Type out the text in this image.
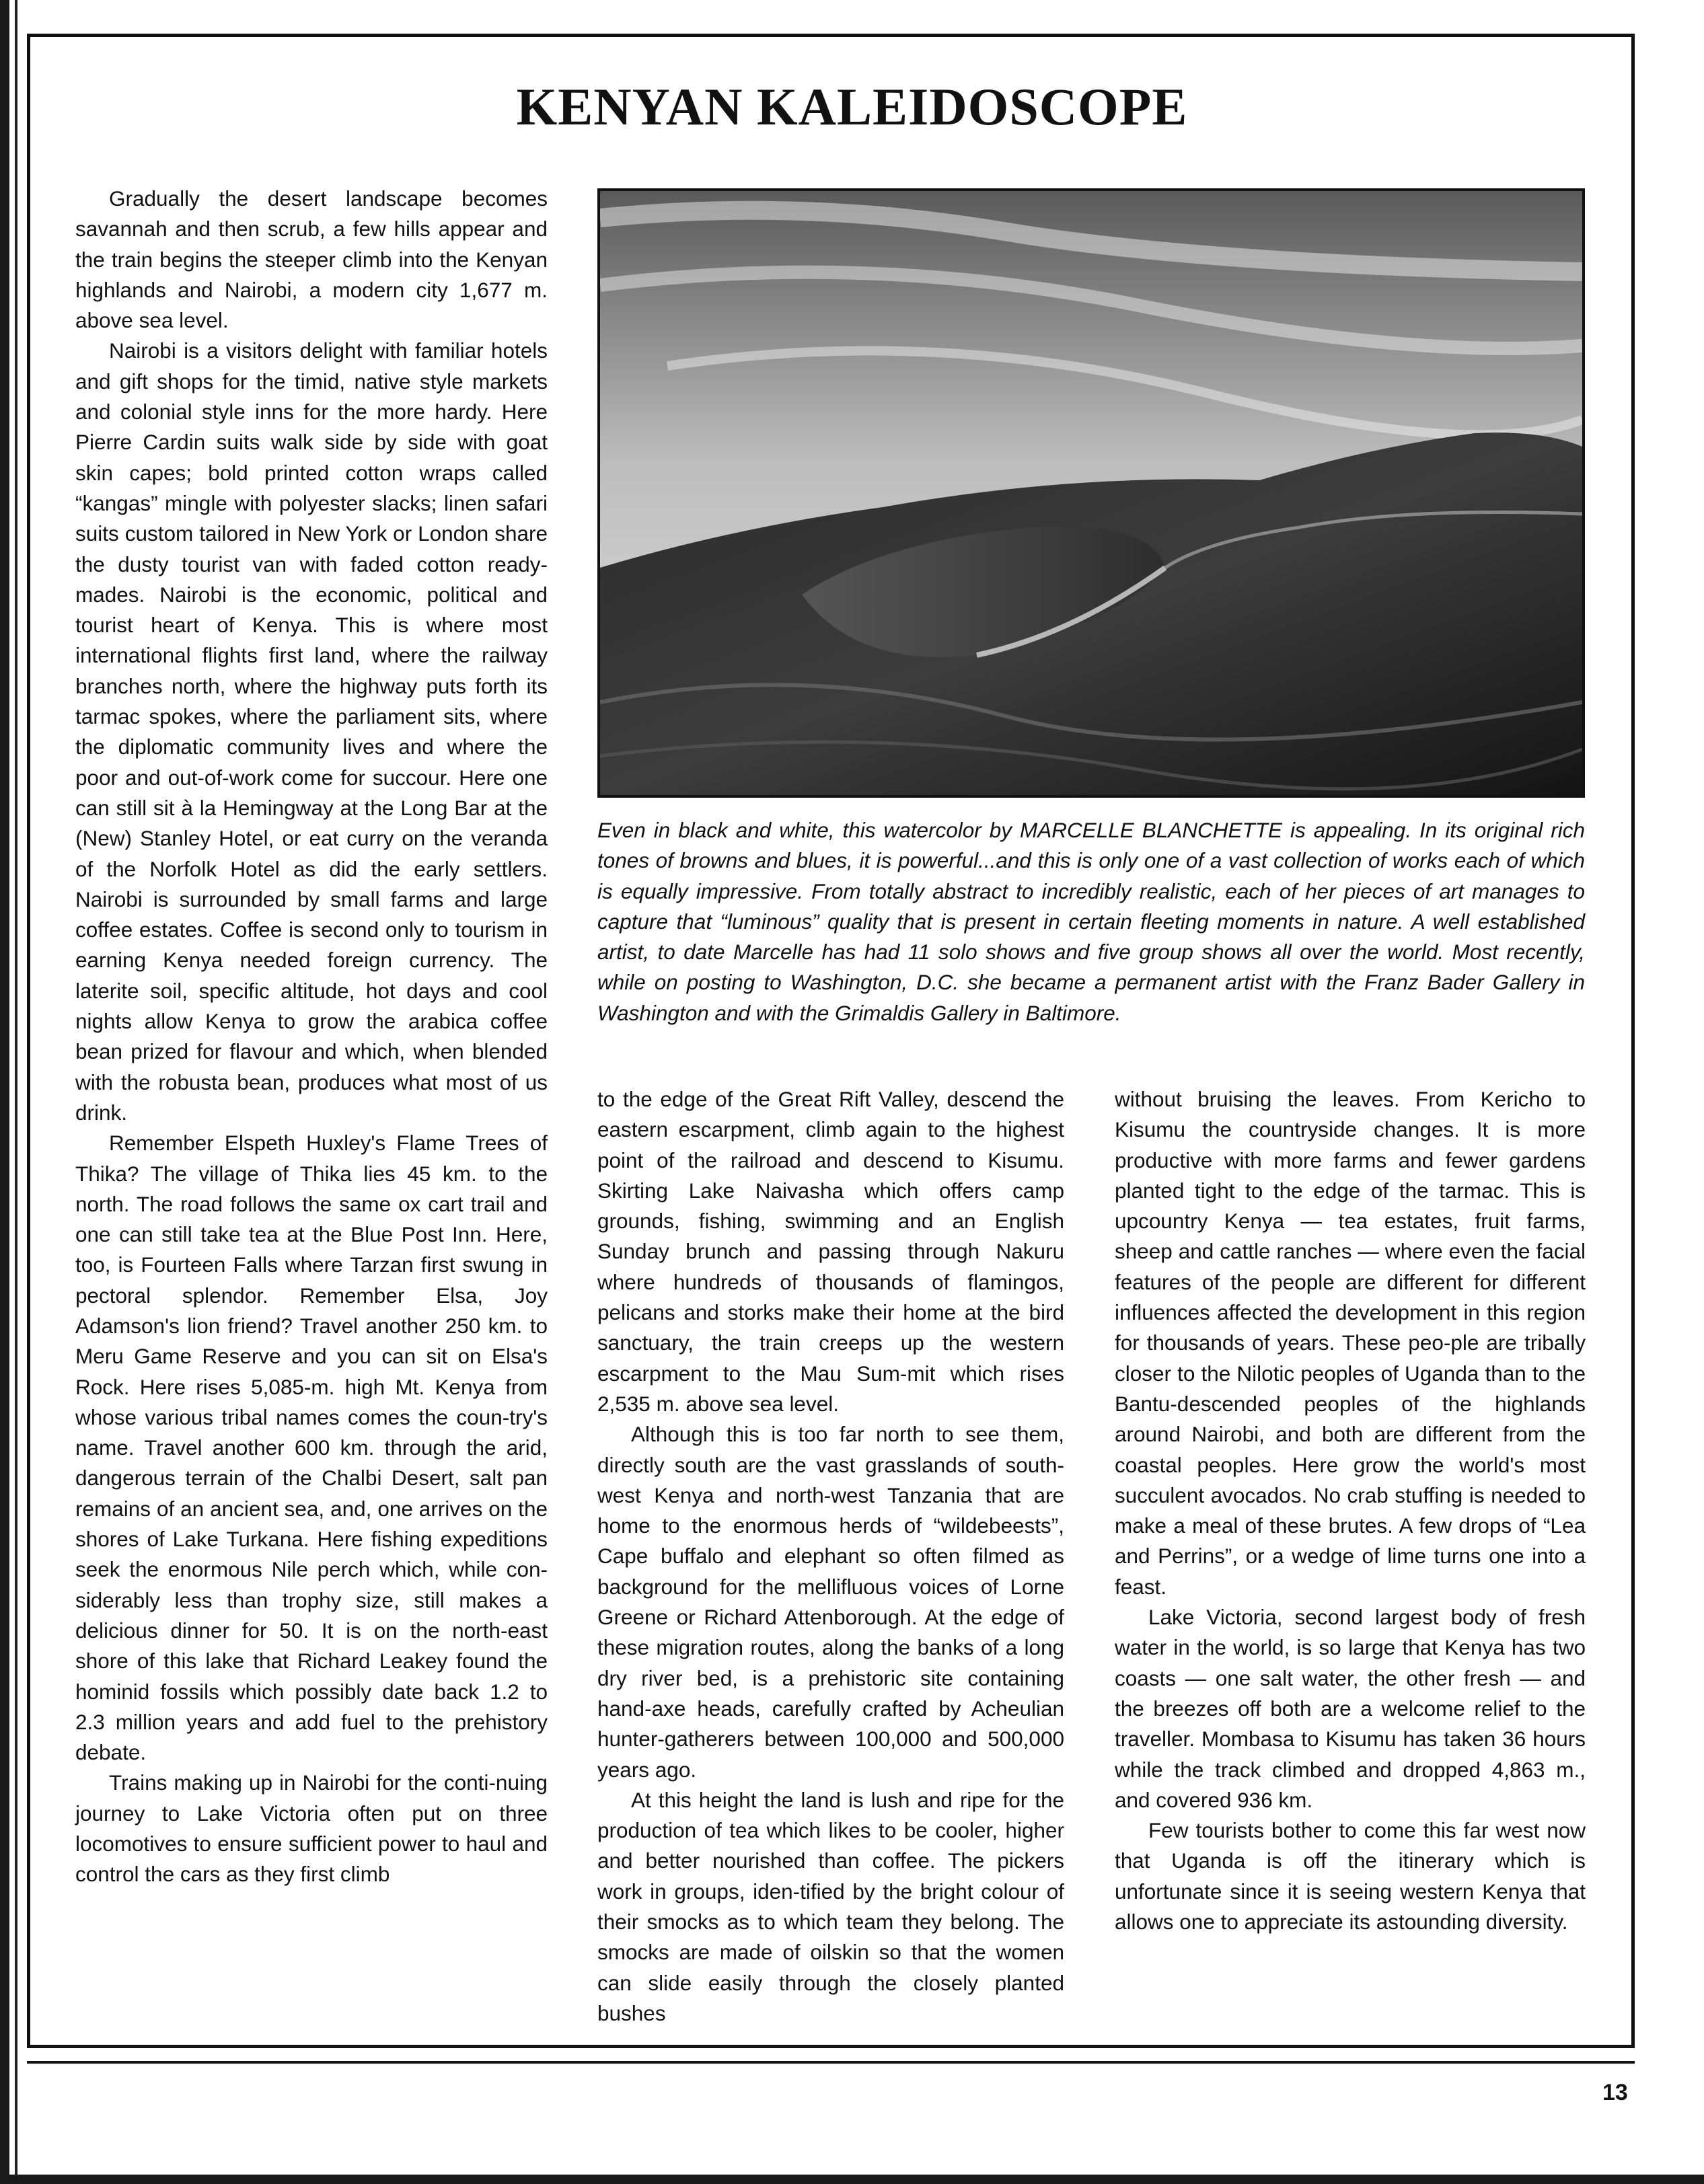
KENYAN KALEIDOSCOPE

Gradually the desert landscape becomes savannah and then scrub, a few hills appear and the train begins the steeper climb into the Kenyan highlands and Nairobi, a modern city 1,677 m. above sea level.

Nairobi is a visitors delight with familiar hotels and gift shops for the timid, native style markets and colonial style inns for the more hardy. Here Pierre Cardin suits walk side by side with goat skin capes; bold printed cotton wraps called “kangas” mingle with polyester slacks; linen safari suits custom tailored in New York or London share the dusty tourist van with faded cotton ready-mades. Nairobi is the economic, political and tourist heart of Kenya. This is where most international flights first land, where the railway branches north, where the highway puts forth its tarmac spokes, where the parliament sits, where the diplomatic community lives and where the poor and out-of-work come for succour. Here one can still sit à la Hemingway at the Long Bar at the (New) Stanley Hotel, or eat curry on the veranda of the Norfolk Hotel as did the early settlers. Nairobi is surrounded by small farms and large coffee estates. Coffee is second only to tourism in earning Kenya needed foreign currency. The laterite soil, specific altitude, hot days and cool nights allow Kenya to grow the arabica coffee bean prized for flavour and which, when blended with the robusta bean, produces what most of us drink.

Remember Elspeth Huxley's Flame Trees of Thika? The village of Thika lies 45 km. to the north. The road follows the same ox cart trail and one can still take tea at the Blue Post Inn. Here, too, is Fourteen Falls where Tarzan first swung in pectoral splendor. Remember Elsa, Joy Adamson's lion friend? Travel another 250 km. to Meru Game Reserve and you can sit on Elsa's Rock. Here rises 5,085-m. high Mt. Kenya from whose various tribal names comes the coun-try's name. Travel another 600 km. through the arid, dangerous terrain of the Chalbi Desert, salt pan remains of an ancient sea, and, one arrives on the shores of Lake Turkana. Here fishing expeditions seek the enormous Nile perch which, while con-siderably less than trophy size, still makes a delicious dinner for 50. It is on the north-east shore of this lake that Richard Leakey found the hominid fossils which possibly date back 1.2 to 2.3 million years and add fuel to the prehistory debate.

Trains making up in Nairobi for the conti-nuing journey to Lake Victoria often put on three locomotives to ensure sufficient power to haul and control the cars as they first climb

Even in black and white, this watercolor by MARCELLE BLANCHETTE is appealing. In its original rich tones of browns and blues, it is powerful...and this is only one of a vast collection of works each of which is equally impressive. From totally abstract to incredibly realistic, each of her pieces of art manages to capture that “luminous” quality that is present in certain fleeting moments in nature. A well established artist, to date Marcelle has had 11 solo shows and five group shows all over the world. Most recently, while on posting to Washington, D.C. she became a permanent artist with the Franz Bader Gallery in Washington and with the Grimaldis Gallery in Baltimore.

to the edge of the Great Rift Valley, descend the eastern escarpment, climb again to the highest point of the railroad and descend to Kisumu. Skirting Lake Naivasha which offers camp grounds, fishing, swimming and an English Sunday brunch and passing through Nakuru where hundreds of thousands of flamingos, pelicans and storks make their home at the bird sanctuary, the train creeps up the western escarpment to the Mau Sum-mit which rises 2,535 m. above sea level.

Although this is too far north to see them, directly south are the vast grasslands of south-west Kenya and north-west Tanzania that are home to the enormous herds of “wildebeests”, Cape buffalo and elephant so often filmed as background for the mellifluous voices of Lorne Greene or Richard Attenborough. At the edge of these migration routes, along the banks of a long dry river bed, is a prehistoric site containing hand-axe heads, carefully crafted by Acheulian hunter-gatherers between 100,000 and 500,000 years ago.

At this height the land is lush and ripe for the production of tea which likes to be cooler, higher and better nourished than coffee. The pickers work in groups, iden-tified by the bright colour of their smocks as to which team they belong. The smocks are made of oilskin so that the women can slide easily through the closely planted bushes

without bruising the leaves. From Kericho to Kisumu the countryside changes. It is more productive with more farms and fewer gardens planted tight to the edge of the tarmac. This is upcountry Kenya — tea estates, fruit farms, sheep and cattle ranches — where even the facial features of the people are different for different influences affected the development in this region for thousands of years. These peo-ple are tribally closer to the Nilotic peoples of Uganda than to the Bantu-descended peoples of the highlands around Nairobi, and both are different from the coastal peoples. Here grow the world's most succulent avocados. No crab stuffing is needed to make a meal of these brutes. A few drops of “Lea and Perrins”, or a wedge of lime turns one into a feast.

Lake Victoria, second largest body of fresh water in the world, is so large that Kenya has two coasts — one salt water, the other fresh — and the breezes off both are a welcome relief to the traveller. Mombasa to Kisumu has taken 36 hours while the track climbed and dropped 4,863 m., and covered 936 km.

Few tourists bother to come this far west now that Uganda is off the itinerary which is unfortunate since it is seeing western Kenya that allows one to appreciate its astounding diversity.

13
